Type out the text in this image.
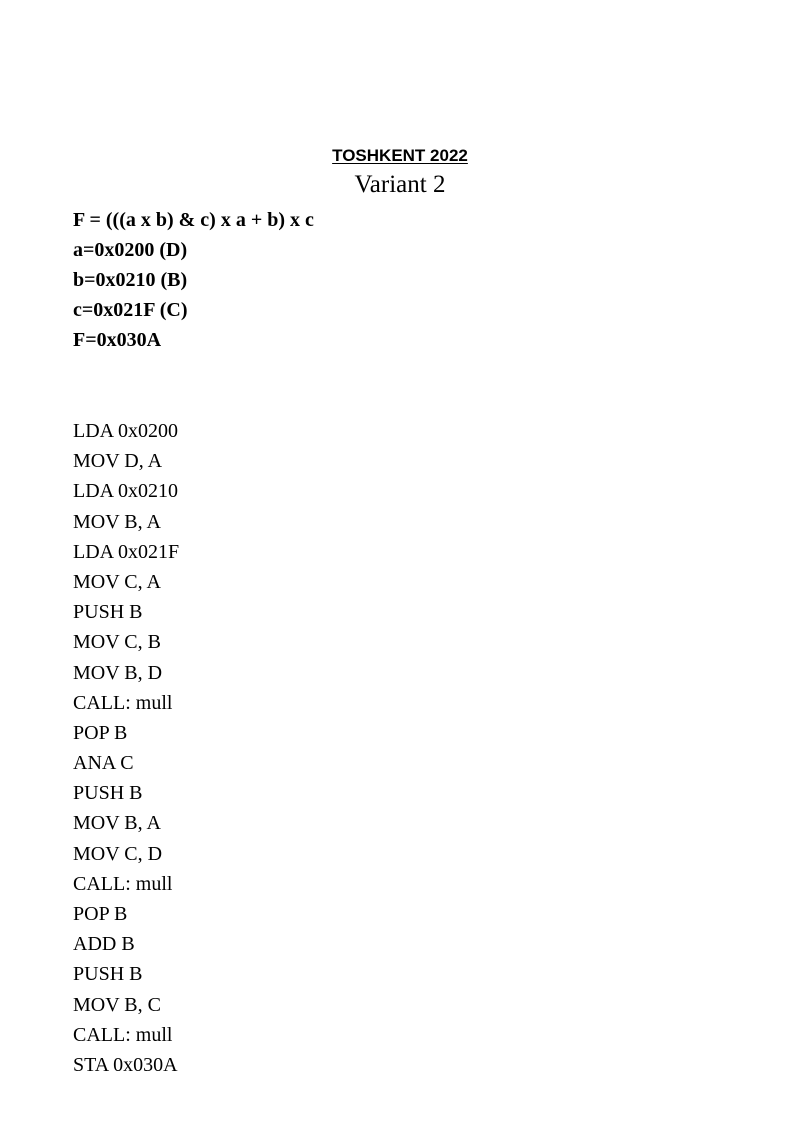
TOSHKENT 2022
Variant 2
F = (((a x b) & c) x a + b) x c
a=0x0200 (D)
b=0x0210 (B)
c=0x021F (C)
F=0x030A
LDA 0x0200
MOV D, A
LDA 0x0210
MOV B, A
LDA 0x021F
MOV C, A
PUSH B
MOV C, B
MOV B, D
CALL: mull
POP B
ANA C
PUSH B
MOV B, A
MOV C, D
CALL: mull
POP B
ADD B
PUSH B
MOV B, C
CALL: mull
STA 0x030A
